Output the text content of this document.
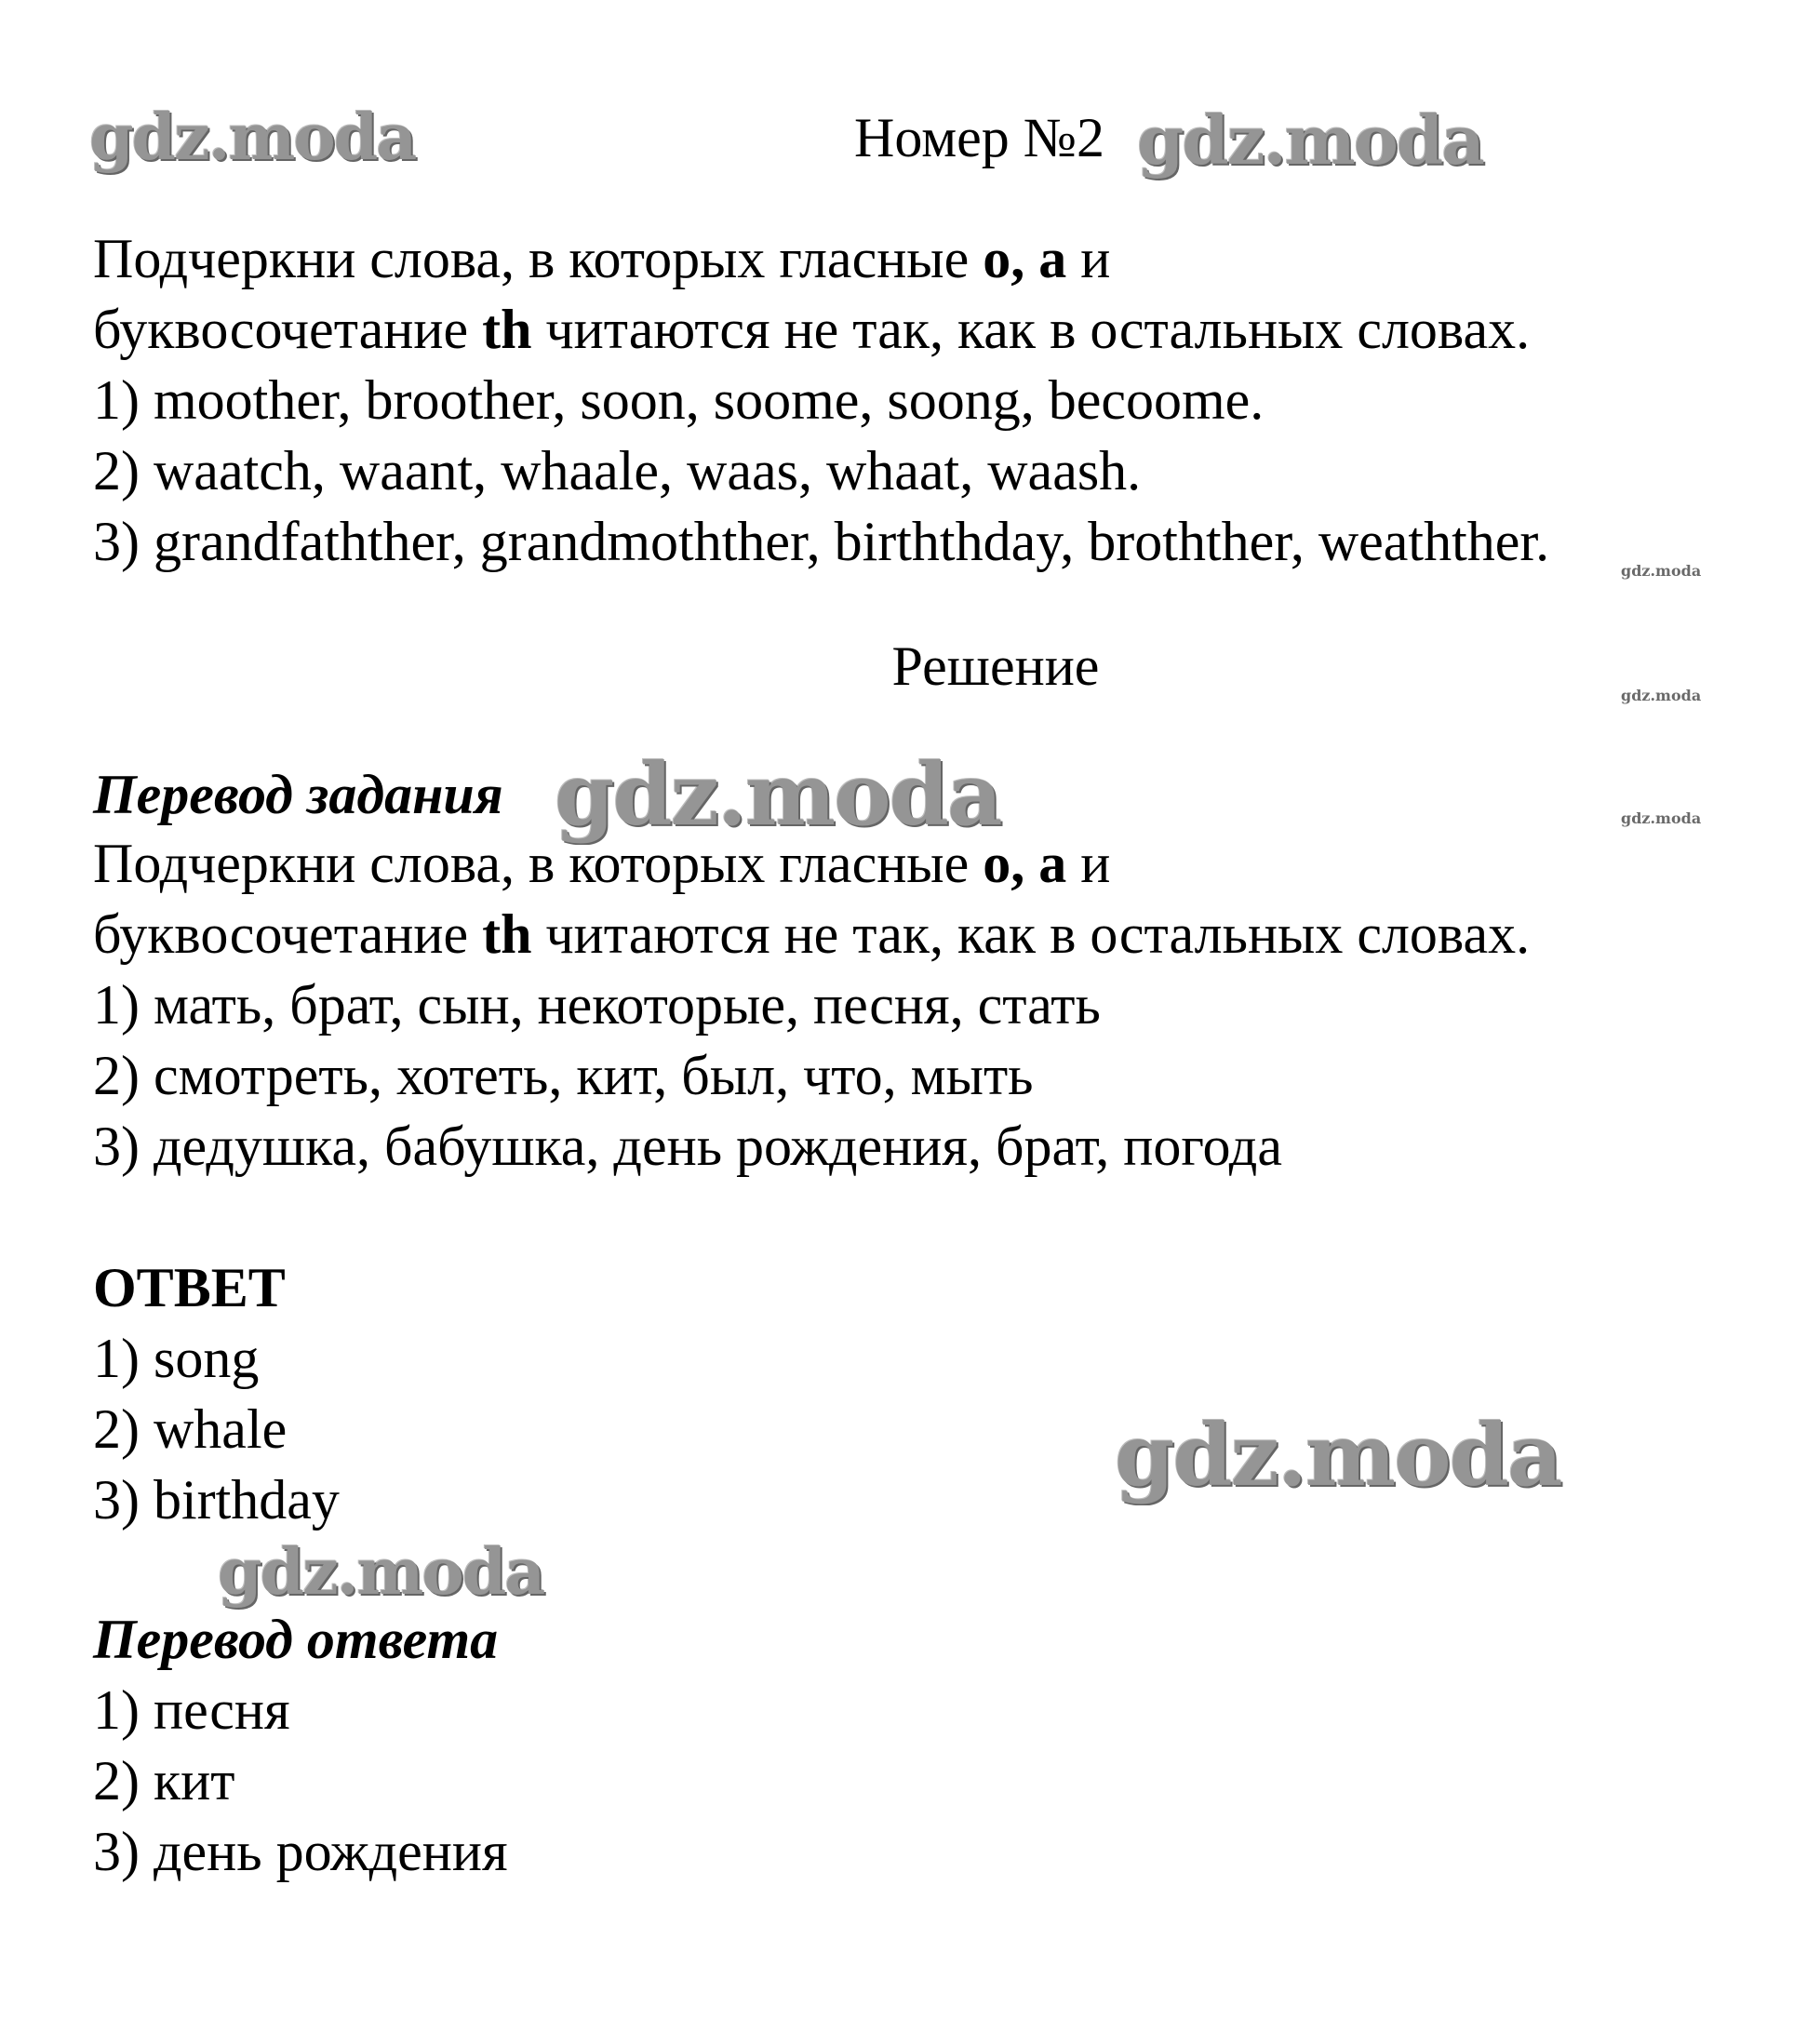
gdz.moda	gdz.moda
gdz.moda
gdz.moda
gdz.moda
gdz.moda
gdz.moda
gdz.moda
Номер №2
Подчеркни слова, в которых гласные о, а и
буквосочетание th читаются не так, как в остальных словах.
1) moother, broother, soon, soome, soong, becoome.
2) waatch, waant, whaale, waas, whaat, waash.
3) grandfathther, grandmothther, birththday, brothther, weathther.
Решение
Перевод задания
Подчеркни слова, в которых гласные о, а и
буквосочетание th читаются не так, как в остальных словах.
1) мать, брат, сын, некоторые, песня, стать
2) смотреть, хотеть, кит, был, что, мыть
3) дедушка, бабушка, день рождения, брат, погода
ОТВЕТ
1) song
2) whale
3) birthday
Перевод ответа
1) песня
2) кит
3) день рождения
